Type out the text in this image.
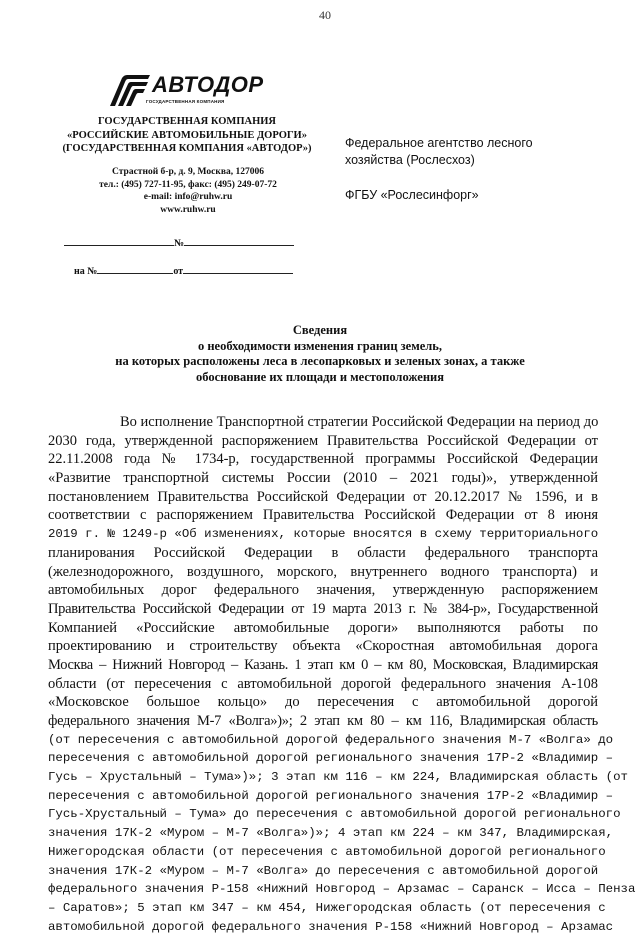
40
АВТОДОР
ГОСУДАРСТВЕННАЯ КОМПАНИЯ
ГОСУДАРСТВЕННАЯ КОМПАНИЯ
«РОССИЙСКИЕ АВТОМОБИЛЬНЫЕ ДОРОГИ»
(ГОСУДАРСТВЕННАЯ КОМПАНИЯ «АВТОДОР»)
Страстной б-р, д. 9, Москва, 127006
тел.: (495) 727-11-95, факс: (495) 249-07-72
e-mail: info@ruhw.ru
www.ruhw.ru
№
на №	от
Федеральное агентство лесного
хозяйства (Рослесхоз)
ФГБУ «Рослесинфорг»
Сведения
о необходимости изменения границ земель,
на которых расположены леса в лесопарковых и зеленых зонах, а также
обоснование их площади и местоположения
Во исполнение Транспортной стратегии Российской Федерации на период до
2030 года, утвержденной распоряжением Правительства Российской Федерации от
22.11.2008 года № 1734-р, государственной программы Российской Федерации
«Развитие транспортной системы России (2010 – 2021 годы)», утвержденной
постановлением Правительства Российской Федерации от 20.12.2017 № 1596, и в
соответствии с распоряжением Правительства Российской Федерации от 8 июня
2019 г. № 1249-р «Об изменениях, которые вносятся в схему территориального
планирования Российской Федерации в области федерального транспорта
(железнодорожного, воздушного, морского, внутреннего водного транспорта) и
автомобильных дорог федерального значения, утвержденную распоряжением
Правительства Российской Федерации от 19 марта 2013 г. № 384-р», Государственной
Компанией «Российские автомобильные дороги» выполняются работы по
проектированию и строительству объекта «Скоростная автомобильная дорога
Москва – Нижний Новгород – Казань. 1 этап км 0 – км 80, Московская, Владимирская
области (от пересечения с автомобильной дорогой федерального значения А-108
«Московское большое кольцо» до пересечения с автомобильной дорогой
федерального значения М-7 «Волга»)»; 2 этап км 80 – км 116, Владимирская область
(от пересечения с автомобильной дорогой федерального значения М-7 «Волга» до
пересечения с автомобильной дорогой регионального значения 17Р-2 «Владимир –
Гусь – Хрустальный – Тума»)»; 3 этап км 116 – км 224, Владимирская область (от
пересечения с автомобильной дорогой регионального значения 17Р-2 «Владимир –
Гусь-Хрустальный – Тума» до пересечения с автомобильной дорогой регионального
значения 17К-2 «Муром – М-7 «Волга»)»; 4 этап км 224 – км 347, Владимирская,
Нижегородская области (от пересечения с автомобильной дорогой регионального
значения 17К-2 «Муром – М-7 «Волга» до пересечения с автомобильной дорогой
федерального значения Р-158 «Нижний Новгород – Арзамас – Саранск – Исса – Пенза
– Саратов»; 5 этап км 347 – км 454, Нижегородская область (от пересечения с
автомобильной дорогой федерального значения Р-158 «Нижний Новгород – Арзамас
